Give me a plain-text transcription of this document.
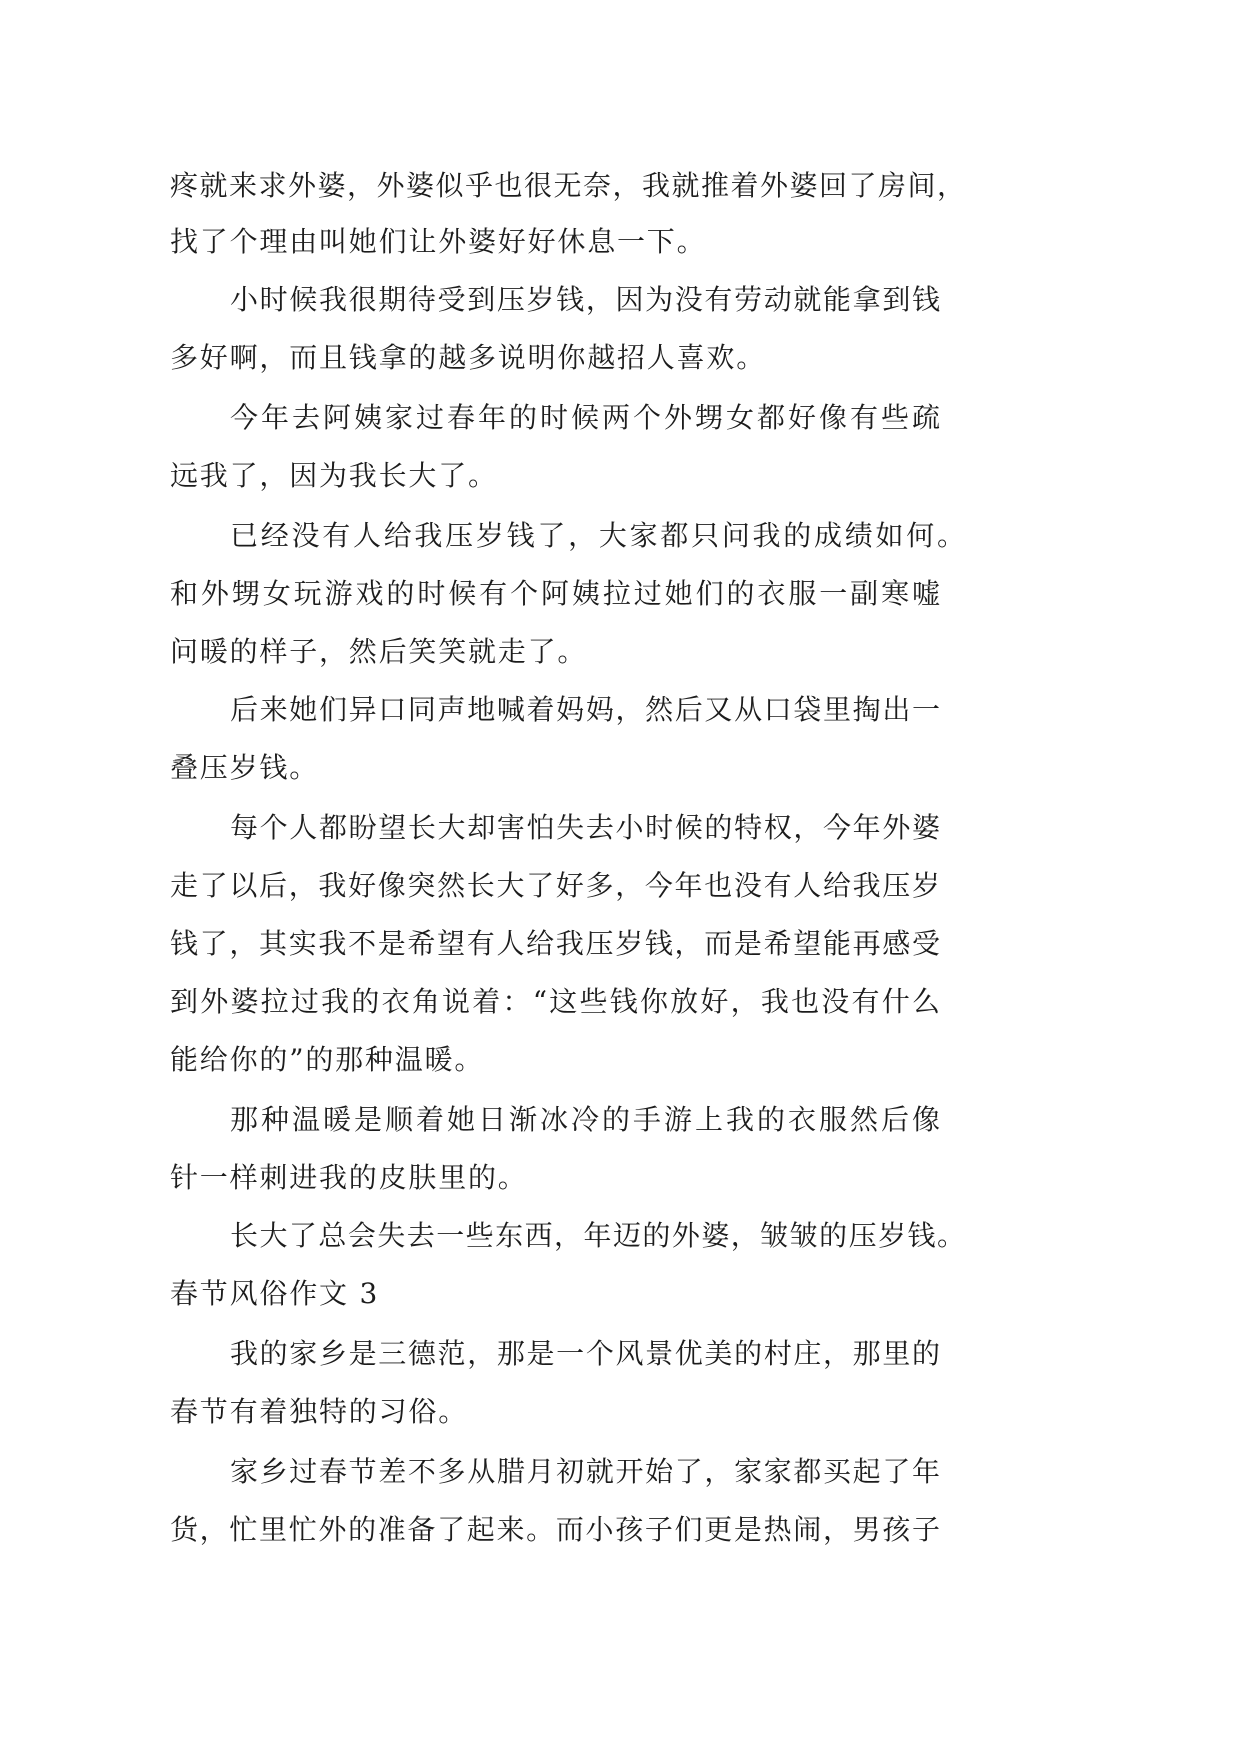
疼就来求外婆，外婆似乎也很无奈，我就推着外婆回了房间，
找了个理由叫她们让外婆好好休息一下。
小时候我很期待受到压岁钱，因为没有劳动就能拿到钱
多好啊，而且钱拿的越多说明你越招人喜欢。
今年去阿姨家过春年的时候两个外甥女都好像有些疏
远我了，因为我长大了。
已经没有人给我压岁钱了，大家都只问我的成绩如何。
和外甥女玩游戏的时候有个阿姨拉过她们的衣服一副寒嘘
问暖的样子，然后笑笑就走了。
后来她们异口同声地喊着妈妈，然后又从口袋里掏出一
叠压岁钱。
每个人都盼望长大却害怕失去小时候的特权，今年外婆
走了以后，我好像突然长大了好多，今年也没有人给我压岁
钱了，其实我不是希望有人给我压岁钱，而是希望能再感受
到外婆拉过我的衣角说着：“这些钱你放好，我也没有什么
能给你的”的那种温暖。
那种温暖是顺着她日渐冰冷的手游上我的衣服然后像
针一样刺进我的皮肤里的。
长大了总会失去一些东西，年迈的外婆，皱皱的压岁钱。
春节风俗作文 3
我的家乡是三德范，那是一个风景优美的村庄，那里的
春节有着独特的习俗。
家乡过春节差不多从腊月初就开始了，家家都买起了年
货，忙里忙外的准备了起来。而小孩子们更是热闹，男孩子
